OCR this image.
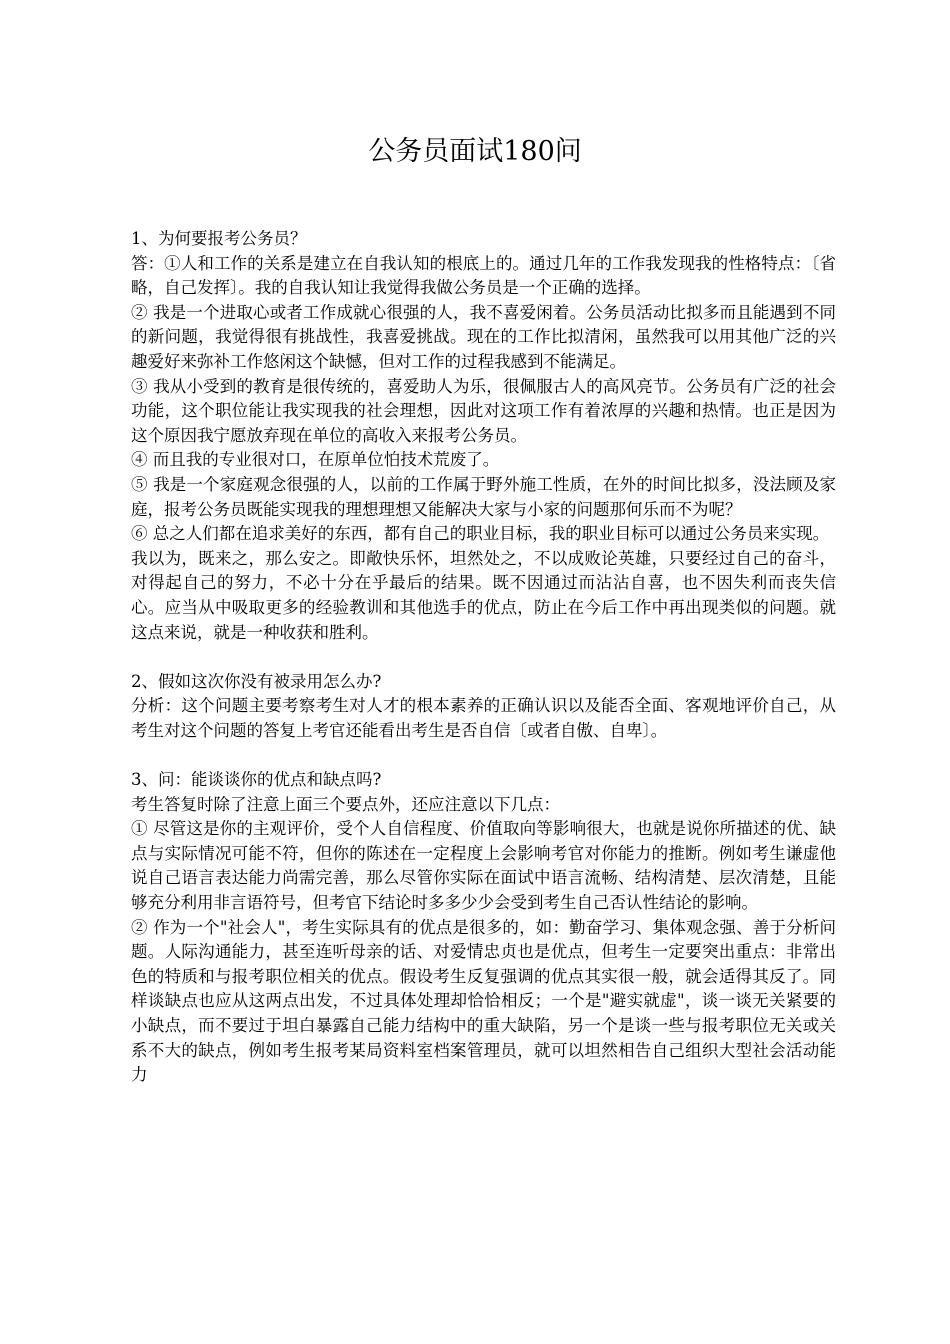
公务员面试180问

1、为何要报考公务员？

答：①人和工作的关系是建立在自我认知的根底上的。通过几年的工作我发现我的性格特点：〔省略，自己发挥〕。我的自我认知让我觉得我做公务员是一个正确的选择。

② 我是一个进取心或者工作成就心很强的人，我不喜爱闲着。公务员活动比拟多而且能遇到不同的新问题，我觉得很有挑战性，我喜爱挑战。现在的工作比拟清闲，虽然我可以用其他广泛的兴趣爱好来弥补工作悠闲这个缺憾，但对工作的过程我感到不能满足。

③ 我从小受到的教育是很传统的，喜爱助人为乐，很佩服古人的高风亮节。公务员有广泛的社会功能，这个职位能让我实现我的社会理想，因此对这项工作有着浓厚的兴趣和热情。也正是因为这个原因我宁愿放弃现在单位的高收入来报考公务员。

④ 而且我的专业很对口，在原单位怕技术荒废了。

⑤ 我是一个家庭观念很强的人，以前的工作属于野外施工性质，在外的时间比拟多，没法顾及家庭，报考公务员既能实现我的理想理想又能解决大家与小家的问题那何乐而不为呢？

⑥ 总之人们都在追求美好的东西，都有自己的职业目标，我的职业目标可以通过公务员来实现。

我以为，既来之，那么安之。即敞快乐怀，坦然处之，不以成败论英雄，只要经过自己的奋斗，对得起自己的努力，不必十分在乎最后的结果。既不因通过而沾沾自喜，也不因失利而丧失信心。应当从中吸取更多的经验教训和其他选手的优点，防止在今后工作中再出现类似的问题。就这点来说，就是一种收获和胜利。

2、假如这次你没有被录用怎么办?

分析：这个问题主要考察考生对人才的根本素养的正确认识以及能否全面、客观地评价自己，从考生对这个问题的答复上考官还能看出考生是否自信〔或者自傲、自卑〕。

3、问：能谈谈你的优点和缺点吗?

考生答复时除了注意上面三个要点外，还应注意以下几点：

① 尽管这是你的主观评价，受个人自信程度、价值取向等影响很大，也就是说你所描述的优、缺点与实际情况可能不符，但你的陈述在一定程度上会影响考官对你能力的推断。例如考生谦虚他说自己语言表达能力尚需完善，那么尽管你实际在面试中语言流畅、结构清楚、层次清楚，且能够充分利用非言语符号，但考官下结论时多多少少会受到考生自己否认性结论的影响。

② 作为一个"社会人"，考生实际具有的优点是很多的，如：勤奋学习、集体观念强、善于分析问题。人际沟通能力，甚至连听母亲的话、对爱情忠贞也是优点，但考生一定要突出重点：非常出色的特质和与报考职位相关的优点。假设考生反复强调的优点其实很一般，就会适得其反了。同样谈缺点也应从这两点出发，不过具体处理却恰恰相反；一个是"避实就虚"，谈一谈无关紧要的小缺点，而不要过于坦白暴露自己能力结构中的重大缺陷，另一个是谈一些与报考职位无关或关系不大的缺点，例如考生报考某局资料室档案管理员，就可以坦然相告自己组织大型社会活动能力
